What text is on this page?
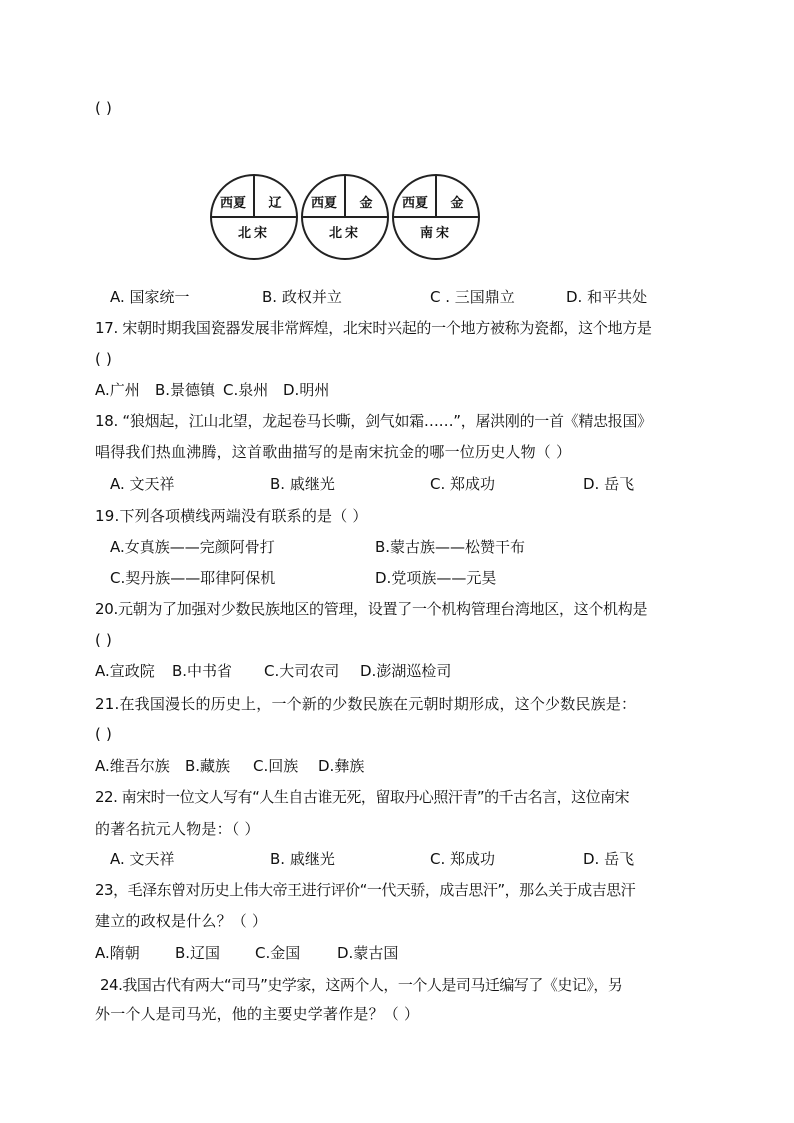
( )
西夏	辽
北宋
西夏	金
北宋
西夏	金
南宋
A. 国家统一	B. 政权并立	C . 三国鼎立	D. 和平共处
17. 宋朝时期我国瓷器发展非常辉煌，北宋时兴起的一个地方被称为瓷都，这个地方是
( )
A.广州 B.景德镇 C.泉州 D.明州
18. “狼烟起，江山北望，龙起卷马长嘶，剑气如霜……”，屠洪刚的一首《精忠报国》
唱得我们热血沸腾，这首歌曲描写的是南宋抗金的哪一位历史人物（ ）
A. 文天祥	B. 戚继光	C. 郑成功	D. 岳飞
19.下列各项横线两端没有联系的是（ ）
A.女真族——完颜阿骨打	B.蒙古族——松赞干布
C.契丹族——耶律阿保机	D.党项族——元昊
20.元朝为了加强对少数民族地区的管理，设置了一个机构管理台湾地区，这个机构是
( )
A.宣政院 B.中书省 C.大司农司 D.澎湖巡检司
21.在我国漫长的历史上，一个新的少数民族在元朝时期形成，这个少数民族是：
( )
A.维吾尔族 B.藏族 C.回族 D.彝族
22. 南宋时一位文人写有“人生自古谁无死，留取丹心照汗青”的千古名言，这位南宋
的著名抗元人物是：（ ）
A. 文天祥	B. 戚继光	C. 郑成功	D. 岳飞
23，毛泽东曾对历史上伟大帝王进行评价“一代天骄，成吉思汗”，那么关于成吉思汗
建立的政权是什么？（ ）
A.隋朝 B.辽国 C.金国 D.蒙古国
24.我国古代有两大“司马”史学家，这两个人，一个人是司马迁编写了《史记》，另
外一个人是司马光，他的主要史学著作是？（ ）
